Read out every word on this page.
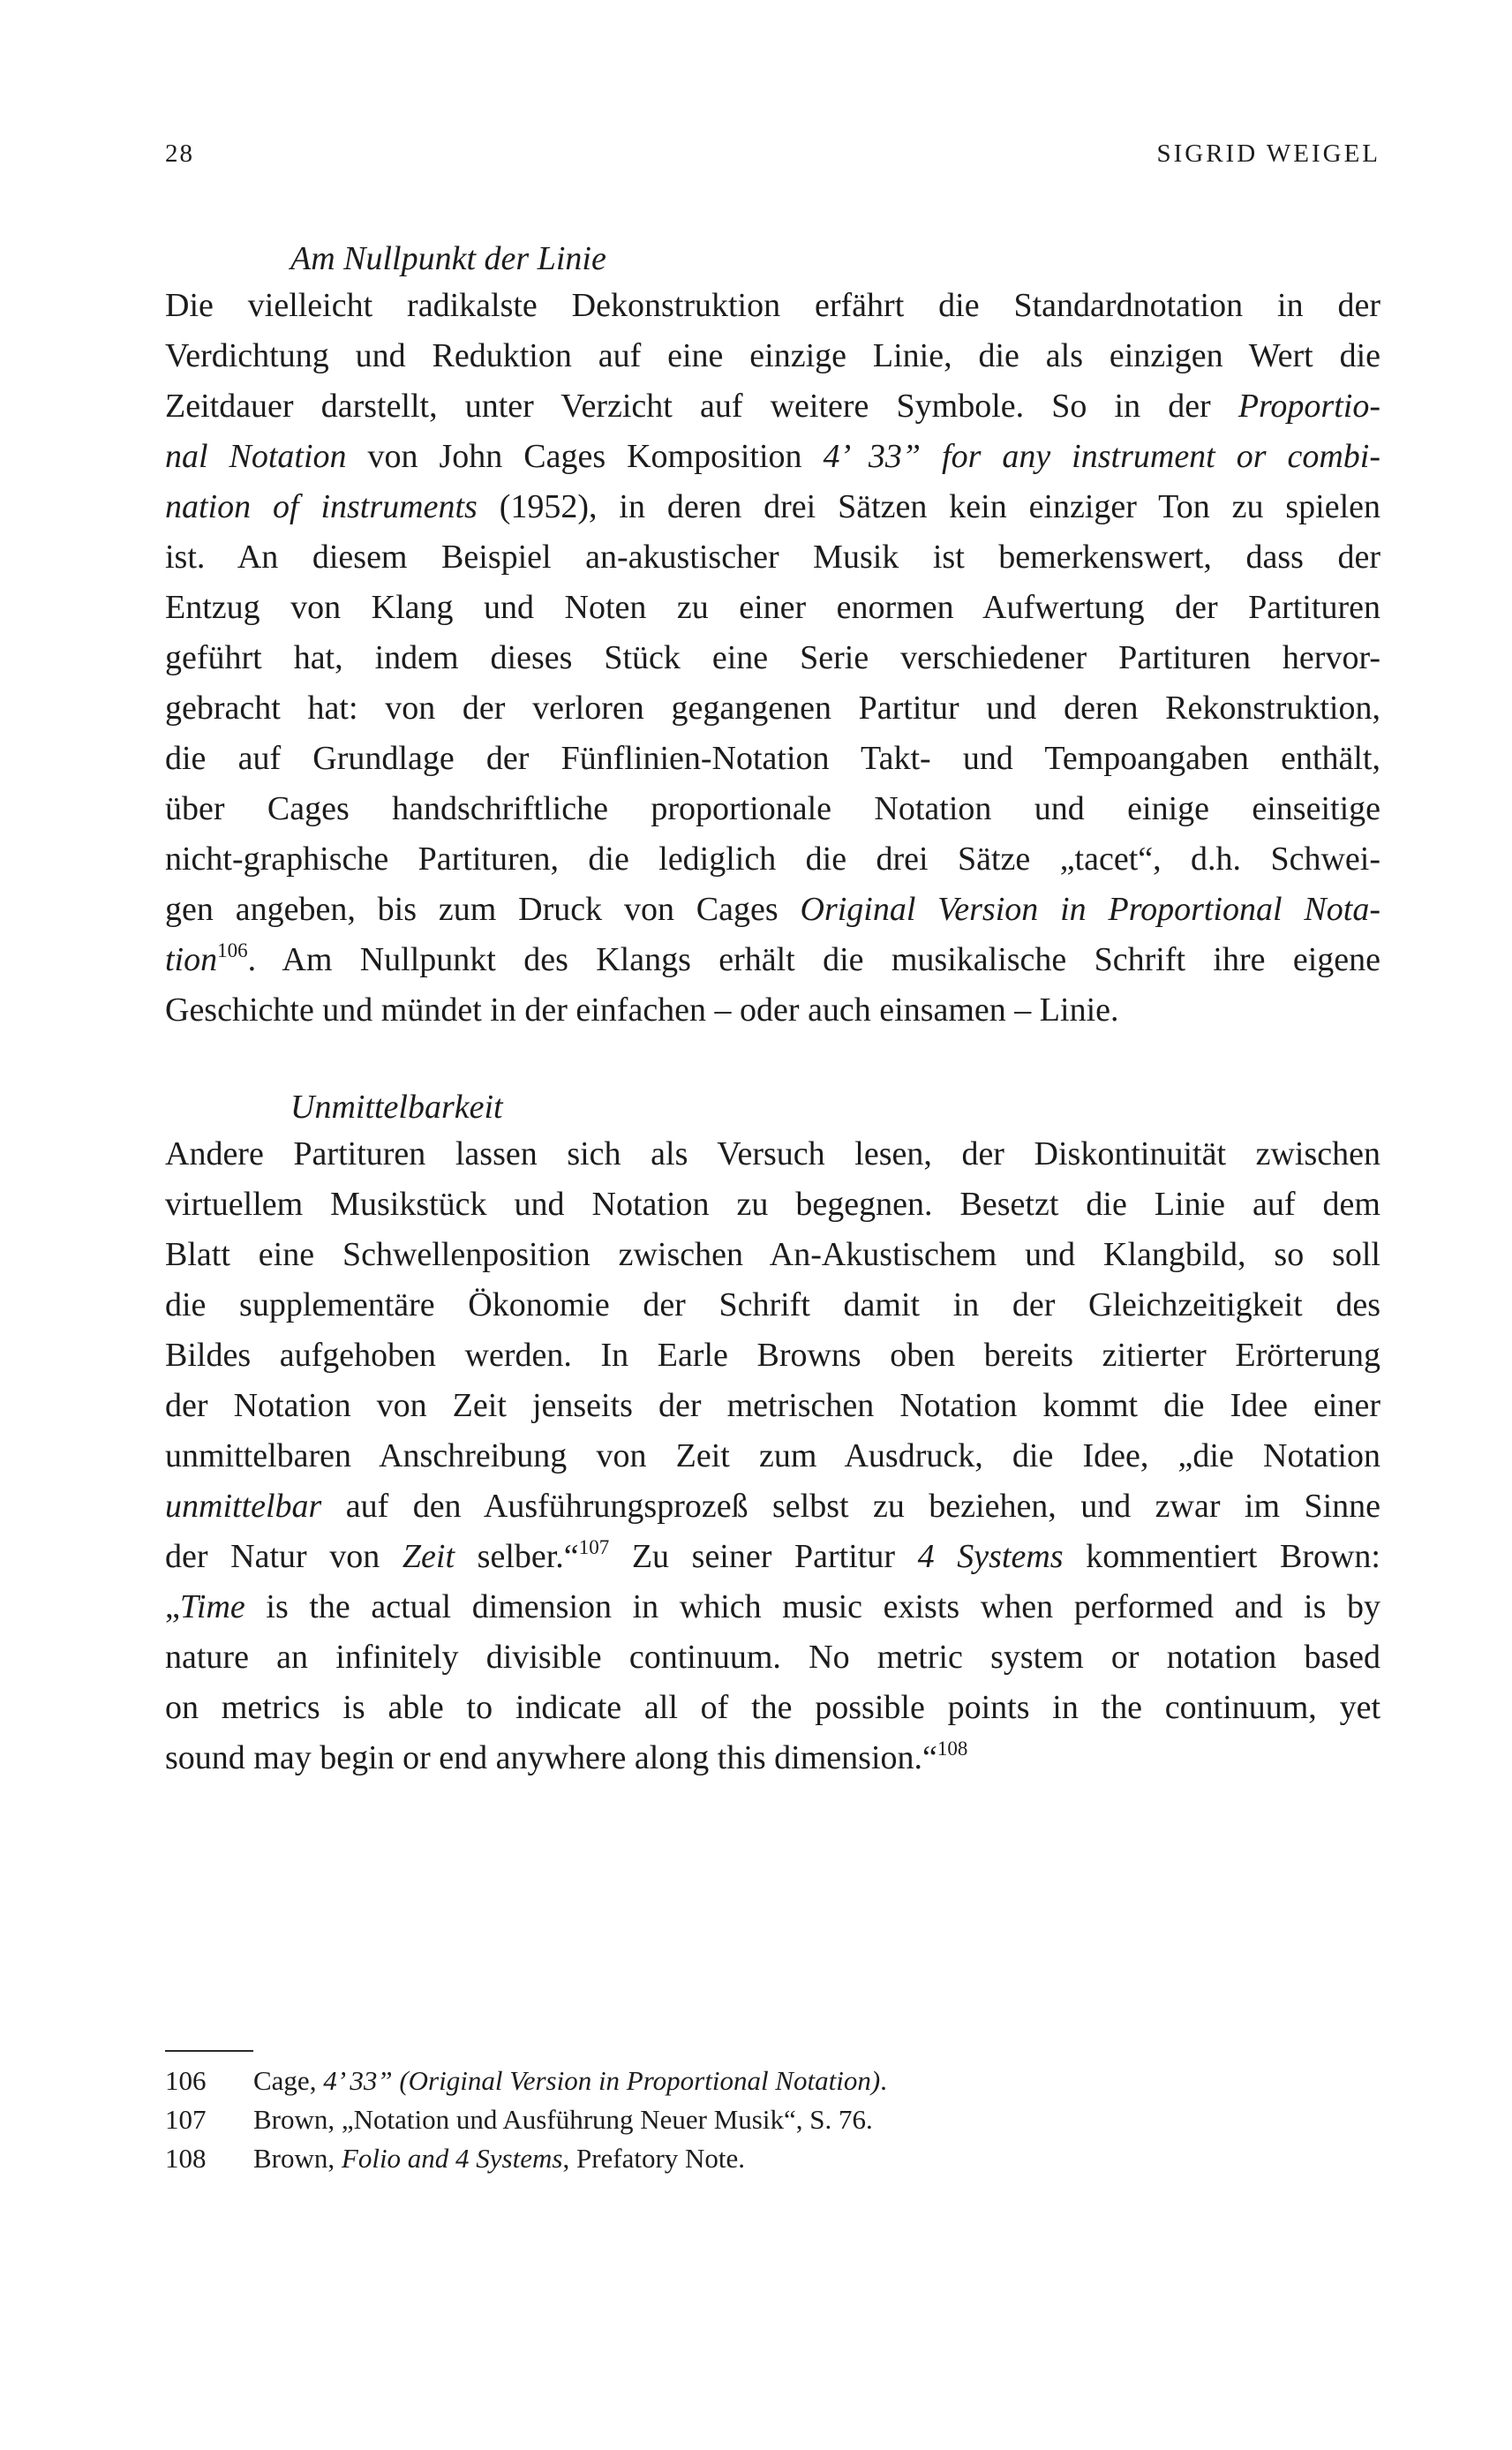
28	SIGRID WEIGEL
Am Nullpunkt der Linie
Die vielleicht radikalste Dekonstruktion erfährt die Standardnotation in der
Verdichtung und Reduktion auf eine einzige Linie, die als einzigen Wert die
Zeitdauer darstellt, unter Verzicht auf weitere Symbole. So in der Proportio-
nal Notation von John Cages Komposition 4’ 33” for any instrument or combi-
nation of instruments (1952), in deren drei Sätzen kein einziger Ton zu spielen
ist. An diesem Beispiel an-akustischer Musik ist bemerkenswert, dass der
Entzug von Klang und Noten zu einer enormen Aufwertung der Partituren
geführt hat, indem dieses Stück eine Serie verschiedener Partituren hervor-
gebracht hat: von der verloren gegangenen Partitur und deren Rekonstruktion,
die auf Grundlage der Fünflinien-Notation Takt- und Tempoangaben enthält,
über Cages handschriftliche proportionale Notation und einige einseitige
nicht-graphische Partituren, die lediglich die drei Sätze „tacet“, d.h. Schwei-
gen angeben, bis zum Druck von Cages Original Version in Proportional Nota-
tion$^{106}$. Am Nullpunkt des Klangs erhält die musikalische Schrift ihre eigene
Geschichte und mündet in der einfachen – oder auch einsamen – Linie.
Unmittelbarkeit
Andere Partituren lassen sich als Versuch lesen, der Diskontinuität zwischen
virtuellem Musikstück und Notation zu begegnen. Besetzt die Linie auf dem
Blatt eine Schwellenposition zwischen An-Akustischem und Klangbild, so soll
die supplementäre Ökonomie der Schrift damit in der Gleichzeitigkeit des
Bildes aufgehoben werden. In Earle Browns oben bereits zitierter Erörterung
der Notation von Zeit jenseits der metrischen Notation kommt die Idee einer
unmittelbaren Anschreibung von Zeit zum Ausdruck, die Idee, „die Notation
unmittelbar auf den Ausführungsprozeß selbst zu beziehen, und zwar im Sinne
der Natur von Zeit selber.“$^{107}$ Zu seiner Partitur 4 Systems kommentiert Brown:
„Time is the actual dimension in which music exists when performed and is by
nature an infinitely divisible continuum. No metric system or notation based
on metrics is able to indicate all of the possible points in the continuum, yet
sound may begin or end anywhere along this dimension.“$^{108}$
106 Cage, 4’ 33” (Original Version in Proportional Notation).
107 Brown, „Notation und Ausführung Neuer Musik“, S. 76.
108 Brown, Folio and 4 Systems, Prefatory Note.
